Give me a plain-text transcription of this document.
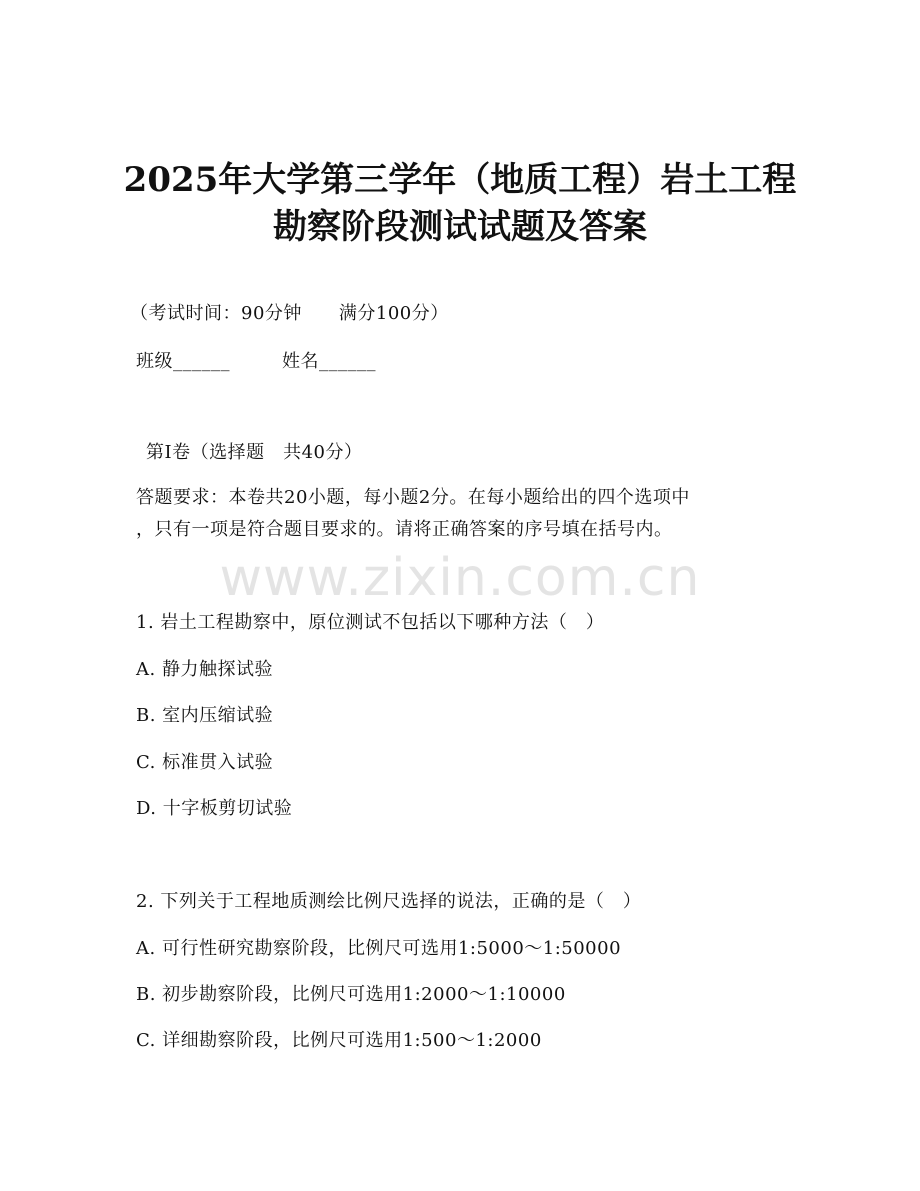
2025年大学第三学年（地质工程）岩土工程
勘察阶段测试试题及答案
（考试时间：90分钟　　满分100分）
班级______	姓名______
第Ⅰ卷（选择题　共40分）
答题要求：本卷共20小题，每小题2分。在每小题给出的四个选项中
，只有一项是符合题目要求的。请将正确答案的序号填在括号内。
www.zixin.com.cn
1. 岩土工程勘察中，原位测试不包括以下哪种方法（　）
A. 静力触探试验
B. 室内压缩试验
C. 标准贯入试验
D. 十字板剪切试验
2. 下列关于工程地质测绘比例尺选择的说法，正确的是（　）
A. 可行性研究勘察阶段，比例尺可选用1:5000～1:50000
B. 初步勘察阶段，比例尺可选用1:2000～1:10000
C. 详细勘察阶段，比例尺可选用1:500～1:2000
